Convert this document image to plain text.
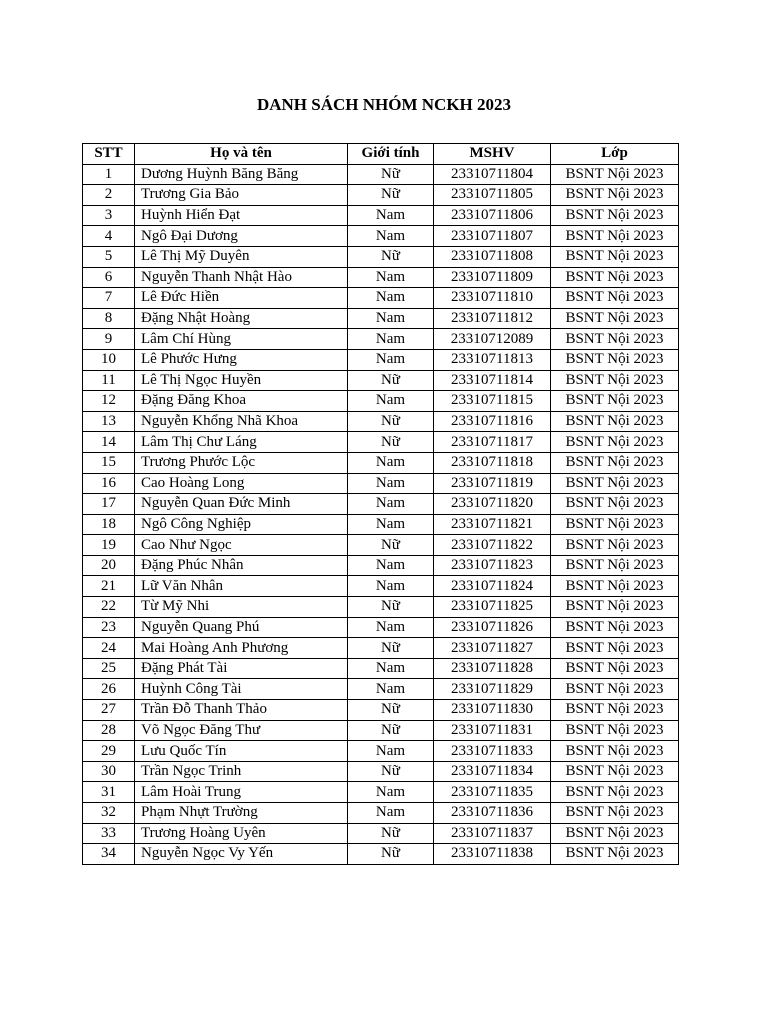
DANH SÁCH NHÓM NCKH 2023
STT	Họ và tên	Giới tính	MSHV	Lớp
1	Dương Huỳnh Băng Băng	Nữ	23310711804	BSNT Nội 2023
2	Trương Gia Bảo	Nữ	23310711805	BSNT Nội 2023
3	Huỳnh Hiển Đạt	Nam	23310711806	BSNT Nội 2023
4	Ngô Đại Dương	Nam	23310711807	BSNT Nội 2023
5	Lê Thị Mỹ Duyên	Nữ	23310711808	BSNT Nội 2023
6	Nguyễn Thanh Nhật Hào	Nam	23310711809	BSNT Nội 2023
7	Lê Đức Hiền	Nam	23310711810	BSNT Nội 2023
8	Đặng Nhật Hoàng	Nam	23310711812	BSNT Nội 2023
9	Lâm Chí Hùng	Nam	23310712089	BSNT Nội 2023
10	Lê Phước Hưng	Nam	23310711813	BSNT Nội 2023
11	Lê Thị Ngọc Huyền	Nữ	23310711814	BSNT Nội 2023
12	Đặng Đăng Khoa	Nam	23310711815	BSNT Nội 2023
13	Nguyễn Khổng Nhã Khoa	Nữ	23310711816	BSNT Nội 2023
14	Lâm Thị Chư Láng	Nữ	23310711817	BSNT Nội 2023
15	Trương Phước Lộc	Nam	23310711818	BSNT Nội 2023
16	Cao Hoàng Long	Nam	23310711819	BSNT Nội 2023
17	Nguyễn Quan Đức Minh	Nam	23310711820	BSNT Nội 2023
18	Ngô Công Nghiệp	Nam	23310711821	BSNT Nội 2023
19	Cao Như Ngọc	Nữ	23310711822	BSNT Nội 2023
20	Đặng Phúc Nhân	Nam	23310711823	BSNT Nội 2023
21	Lữ Văn Nhân	Nam	23310711824	BSNT Nội 2023
22	Từ Mỹ Nhi	Nữ	23310711825	BSNT Nội 2023
23	Nguyễn Quang Phú	Nam	23310711826	BSNT Nội 2023
24	Mai Hoàng Anh Phương	Nữ	23310711827	BSNT Nội 2023
25	Đặng Phát Tài	Nam	23310711828	BSNT Nội 2023
26	Huỳnh Công Tài	Nam	23310711829	BSNT Nội 2023
27	Trần Đỗ Thanh Thảo	Nữ	23310711830	BSNT Nội 2023
28	Võ Ngọc Đăng Thư	Nữ	23310711831	BSNT Nội 2023
29	Lưu Quốc Tín	Nam	23310711833	BSNT Nội 2023
30	Trần Ngọc Trinh	Nữ	23310711834	BSNT Nội 2023
31	Lâm Hoài Trung	Nam	23310711835	BSNT Nội 2023
32	Phạm Nhựt Trường	Nam	23310711836	BSNT Nội 2023
33	Trương Hoàng Uyên	Nữ	23310711837	BSNT Nội 2023
34	Nguyễn Ngọc Vy Yến	Nữ	23310711838	BSNT Nội 2023
